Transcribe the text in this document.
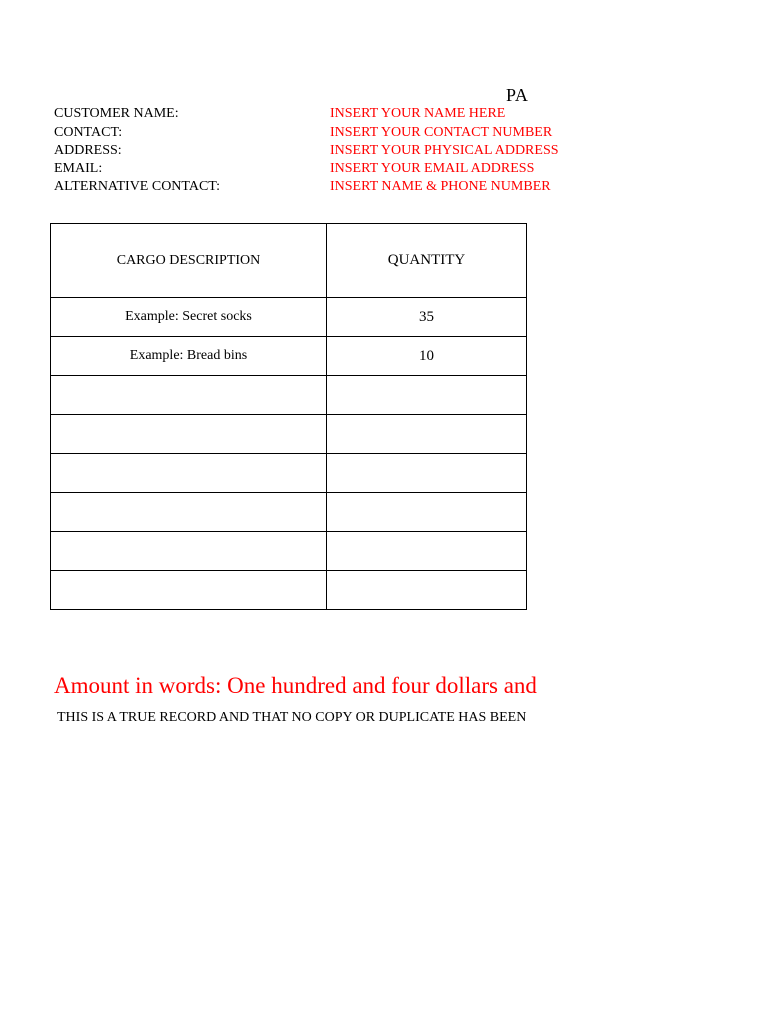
PA
CUSTOMER NAME:	INSERT YOUR NAME HERE
CONTACT:	INSERT YOUR CONTACT NUMBER
ADDRESS:	INSERT YOUR PHYSICAL ADDRESS
EMAIL:	INSERT YOUR EMAIL ADDRESS
ALTERNATIVE CONTACT:	INSERT NAME & PHONE NUMBER
CARGO DESCRIPTION	QUANTITY
Example: Secret socks	35
Example: Bread bins	10

Amount in words: One hundred and four dollars and
THIS IS A TRUE RECORD AND THAT NO COPY OR DUPLICATE HAS BEEN
